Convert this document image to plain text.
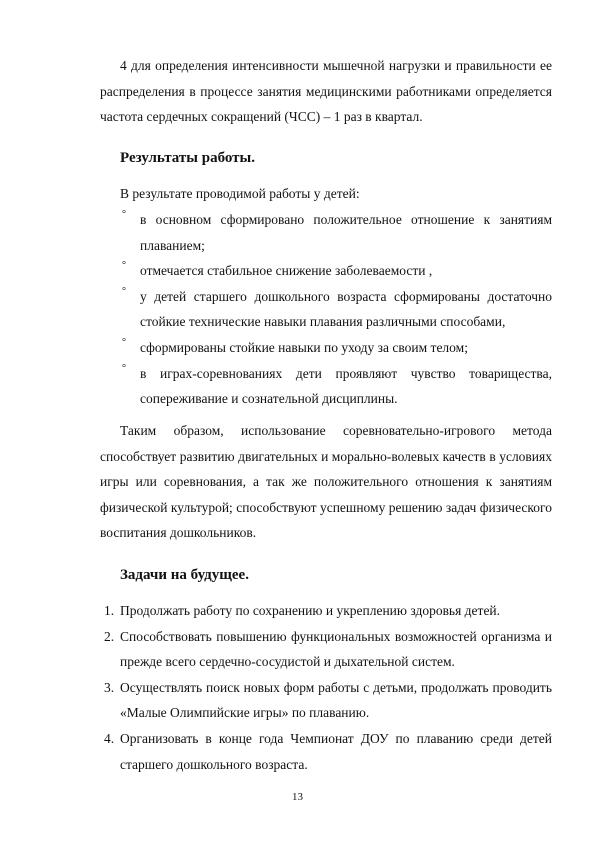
4 для определения интенсивности мышечной нагрузки и правильности ее распределения в процессе занятия медицинскими работниками определяется частота сердечных сокращений (ЧСС) – 1 раз в квартал.

Результаты работы.

В результате проводимой работы у детей:

° в основном сформировано положительное отношение к занятиям плаванием;
° отмечается стабильное снижение заболеваемости ,
° у детей старшего дошкольного возраста сформированы достаточно стойкие технические навыки плавания различными способами,
° сформированы стойкие навыки по уходу за своим телом;
° в играх-соревнованиях дети проявляют чувство товарищества, сопереживание и сознательной дисциплины.

Таким образом, использование соревновательно-игрового метода способствует развитию двигательных и морально-волевых качеств в условиях игры или соревнования, а так же положительного отношения к занятиям физической культурой; способствуют успешному решению задач физического воспитания дошкольников.

Задачи на будущее.
1. Продолжать работу по сохранению и укреплению здоровья детей.
2. Способствовать повышению функциональных возможностей организма и прежде всего сердечно-сосудистой и дыхательной систем.
3. Осуществлять поиск новых форм работы с детьми, продолжать проводить «Малые Олимпийские игры» по плаванию.
4. Организовать в конце года Чемпионат ДОУ по плаванию среди детей старшего дошкольного возраста.
13
